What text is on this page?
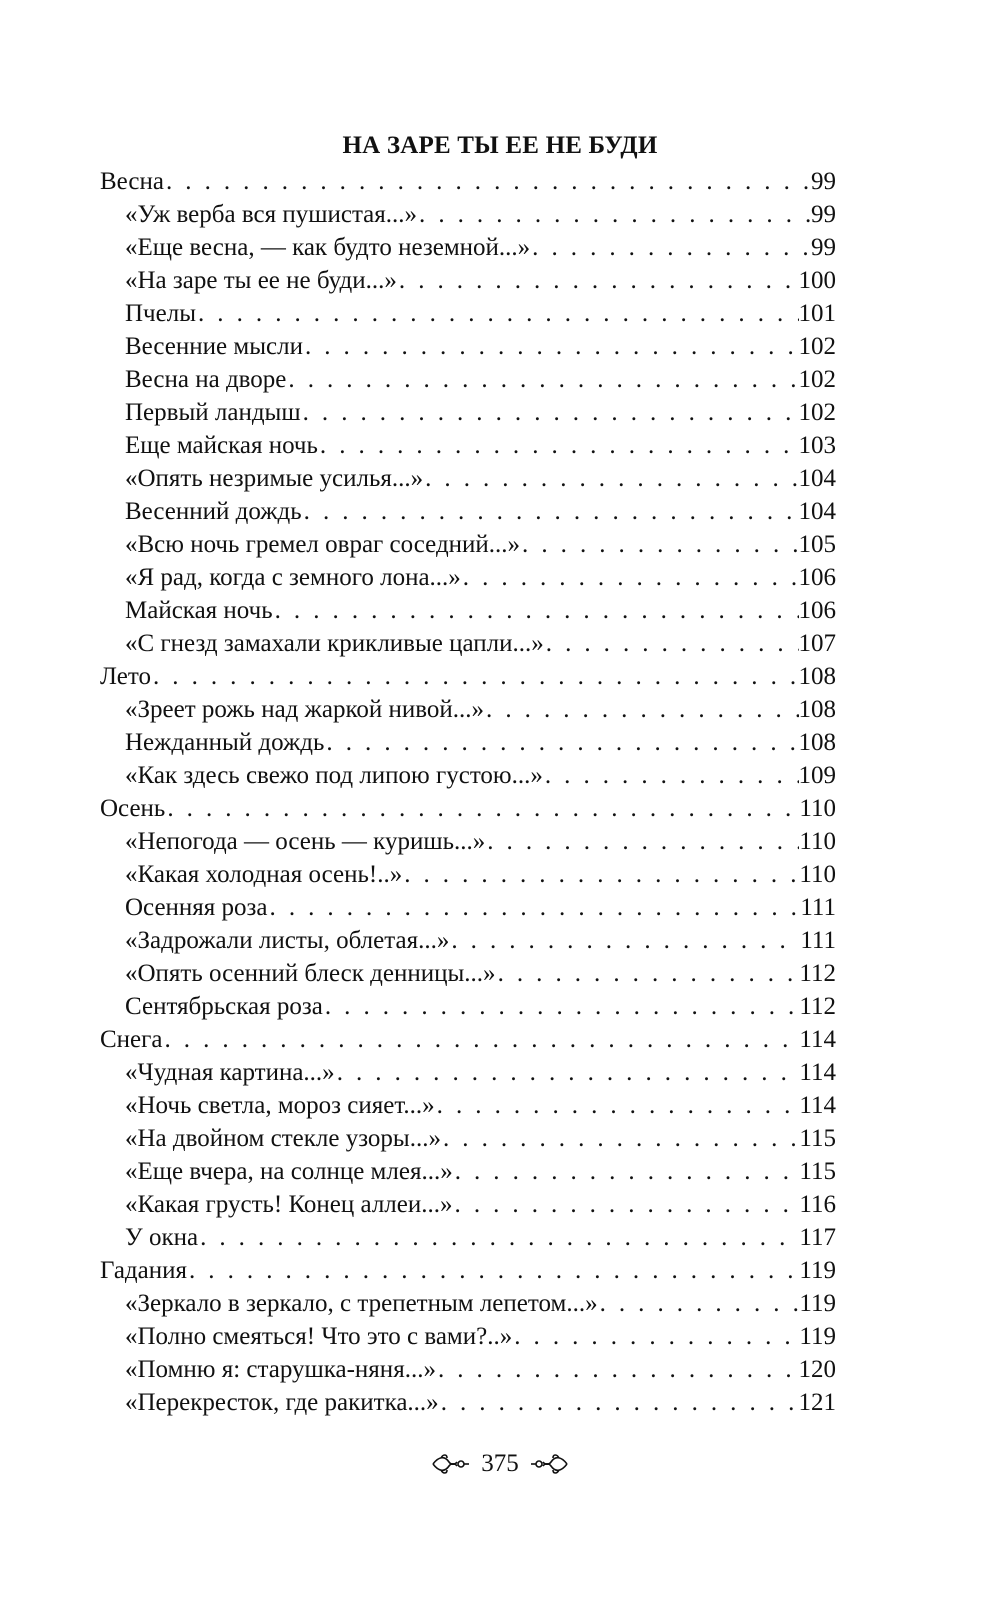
НА ЗАРЕ ТЫ ЕЕ НЕ БУДИ
Весна . . .	99
«Уж верба вся пушистая...» . . .	99
«Еще весна, — как будто неземной...» . . .	99
«На заре ты ее не буди...» . . .	100
Пчелы . . .	101
Весенние мысли . . .	102
Весна на дворе . . .	102
Первый ландыш . . .	102
Еще майская ночь . . .	103
«Опять незримые усилья...» . . .	104
Весенний дождь . . .	104
«Всю ночь гремел овраг соседний...» . . .	105
«Я рад, когда с земного лона...» . . .	106
Майская ночь . . .	106
«С гнезд замахали крикливые цапли...» . . .	107
Лето . . .	108
«Зреет рожь над жаркой нивой...» . . .	108
Нежданный дождь . . .	108
«Как здесь свежо под липою густою...» . . .	109
Осень . . .	110
«Непогода — осень — куришь...» . . .	110
«Какая холодная осень!..» . . .	110
Осенняя роза . . .	111
«Задрожали листы, облетая...» . . .	111
«Опять осенний блеск денницы...» . . .	112
Сентябрьская роза . . .	112
Снега . . .	114
«Чудная картина...» . . .	114
«Ночь светла, мороз сияет...» . . .	114
«На двойном стекле узоры...» . . .	115
«Еще вчера, на солнце млея...» . . .	115
«Какая грусть! Конец аллеи...» . . .	116
У окна . . .	117
Гадания . . .	119
«Зеркало в зеркало, с трепетным лепетом...» . . .	119
«Полно смеяться! Что это с вами?..» . . .	119
«Помню я: старушка-няня...» . . .	120
«Перекресток, где ракитка...» . . .	121
375
